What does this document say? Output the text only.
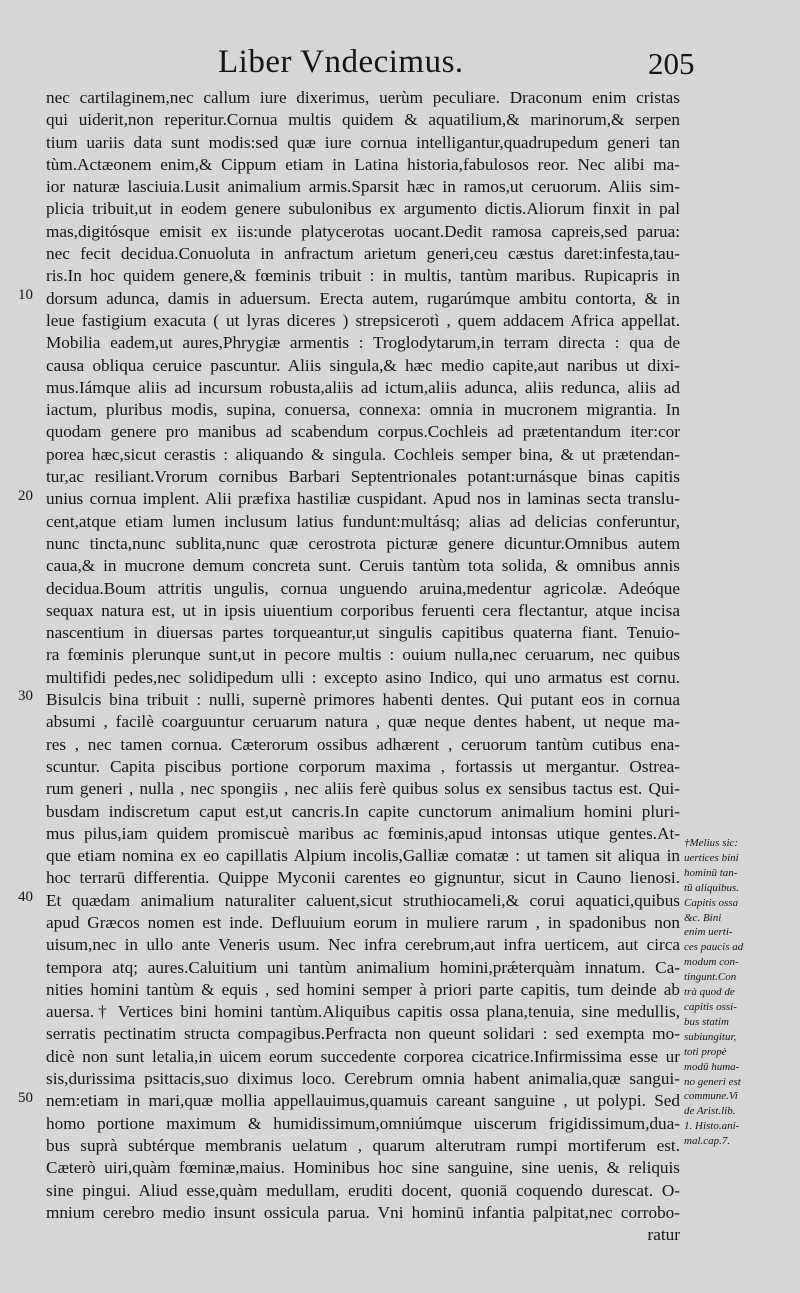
Liber Vndecimus.	205
10
20
30
40
50
nec cartilaginem,nec callum iure dixerimus, uerùm peculiare. Draconum enim cristas
qui uiderit,non reperitur.Cornua multis quidem & aquatilium,& marinorum,& serpen
tium uariis data sunt modis:sed quæ iure cornua intelligantur,quadrupedum generi tan
tùm.Actæonem enim,& Cippum etiam in Latina historia,fabulosos reor. Nec alibi ma-
ior naturæ lasciuia.Lusit animalium armis.Sparsit hæc in ramos,ut ceruorum. Aliis sim-
plicia tribuit,ut in eodem genere subulonibus ex argumento dictis.Aliorum finxit in pal
mas,digitósque emisit ex iis:unde platycerotas uocant.Dedit ramosa capreis,sed parua:
nec fecit decidua.Conuoluta in anfractum arietum generi,ceu cæstus daret:infesta,tau-
ris.In hoc quidem genere,& fœminis tribuit : in multis, tantùm maribus. Rupicapris in
dorsum adunca, damis in aduersum. Erecta autem, rugarúmque ambitu contorta, & in
leue fastigium exacuta ( ut lyras diceres ) strepsicerotì , quem addacem Africa appellat.
Mobilia eadem,ut aures,Phrygiæ armentis : Troglodytarum,in terram directa : qua de
causa obliqua ceruice pascuntur. Aliis singula,& hæc medio capite,aut naribus ut dixi-
mus.Iámque aliis ad incursum robusta,aliis ad ictum,aliis adunca, aliis reduncа, aliis ad
iactum, pluribus modis, supina, conuersa, connexa: omnia in mucronem migrantia. In
quodam genere pro manibus ad scabendum corpus.Cochleis ad prætentandum iter:cor
porea hæc,sicut cerastis : aliquando & singula. Cochleis semper bina, & ut prætendan-
tur,ac resiliant.Vrorum cornibus Barbari Septentrionales potant:urnásque binas capitis
unius cornua implent. Alii præfixa hastiliæ cuspidant. Apud nos in laminas secta translu-
cent,atque etiam lumen inclusum latius fundunt:multásq; alias ad delicias conferuntur,
nunc tincta,nunc sublita,nunc quæ cerostrota picturæ genere dicuntur.Omnibus autem
caua,& in mucrone demum concreta sunt. Ceruis tantùm tota solida, & omnibus annis
decidua.Boum attritis ungulis, cornua unguendo aruina,medentur agricolæ. Adeóque
sequax natura est, ut in ipsis uiuentium corporibus feruenti cera flectantur, atque incisa
nascentium in diuersas partes torqueantur,ut singulis capitibus quaterna fiant. Tenuio-
ra fœminis plerunque sunt,ut in pecore multis : ouium nulla,nec ceruarum, nec quibus
multifidi pedes,nec solidipedum ulli : excepto asino Indico, qui uno armatus est cornu.
Bisulcis bina tribuit : nulli, supernè primores habenti dentes. Qui putant eos in cornua
absumi , facilè coarguuntur ceruarum natura , quæ neque dentes habent, ut neque ma-
res , nec tamen cornua. Cæterorum ossibus adhærent , ceruorum tantùm cutibus ena-
scuntur. Capita piscibus portione corporum maxima , fortassis ut mergantur. Ostrea-
rum generi , nulla , nec spongiis , nec aliis ferè quibus solus ex sensibus tactus est. Qui-
busdam indiscretum caput est,ut cancris.In capite cunctorum animalium homini pluri-
mus pilus,iam quidem promiscuè maribus ac fœminis,apud intonsas utique gentes.At-
que etiam nomina ex eo capillatis Alpium incolis,Galliæ comatæ : ut tamen sit aliqua in
hoc terrarū differentia. Quippe Myconii carentes eo gignuntur, sicut in Cauno lienosi.
Et quædam animalium naturaliter caluent,sicut struthiocameli,& corui aquatici,quibus
apud Græcos nomen est inde. Defluuium eorum in muliere rarum , in spadonibus non
uisum,nec in ullo ante Veneris usum. Nec infra cerebrum,aut infra uerticem, aut circa
tempora atq; aures.Caluitium uni tantùm animalium homini,prǽterquàm innatum. Ca-
nities homini tantùm & equis , sed homini semper à priori parte capitis, tum deinde ab
auersa.† Vertices bini homini tantùm.Aliquibus capitis ossa plana,tenuia, sine medullis,
serratis pectinatim structa compagibus.Perfracta non queunt solidari : sed exempta mo-
dicè non sunt letalia,in uicem eorum succedente corporea cicatrice.Infirmissima esse ur
sis,durissima psittacis,suo diximus loco. Cerebrum omnia habent animalia,quæ sangui-
nem:etiam in mari,quæ mollia appellauimus,quamuis careant sanguine , ut polypi. Sed
homo portione maximum & humidissimum,omniúmque uiscerum frigidissimum,dua-
bus suprà subtérque membranis uelatum , quarum alterutram rumpi mortiferum est.
Cæterò uiri,quàm fœminæ,maius. Hominibus hoc sine sanguine, sine uenis, & reliquis
sine pingui. Aliud esse,quàm medullam, eruditi docent, quoniā coquendo durescat. O-
mnium cerebro medio insunt ossicula parua. Vni hominū infantia palpitat,nec corrobo-
ratur
†Melius sic:
uertices bini
hominū tan-
tū aliquibus.
Capitis ossa
&c. Bini
enim uerti-
ces paucis ad
modum con-
tingunt.Con
trà quod de
capitis ossi-
bus statim
subiungitur,
toti propè
modū huma-
no generi est
commune.Vi
de Arist.lib.
1. Histo.ani-
mal.cap.7.
